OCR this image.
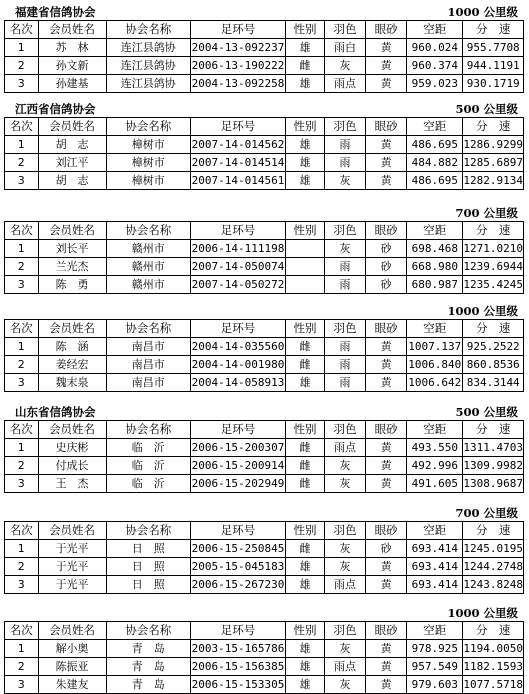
福建省信鸽协会	1000 公里级
名次	会员姓名	协会名称	足环号	性别	羽色	眼砂	空距	分　速
1	苏　林	连江县鸽协	2004-13-092237	雄	雨白	黄	960.024	955.7708
2	孙文新	连江县鸽协	2006-13-190222	雌	灰	黄	960.374	944.1191
3	孙建基	连江县鸽协	2004-13-092258	雄	雨点	黄	959.023	930.1719
江西省信鸽协会	500 公里级
名次	会员姓名	协会名称	足环号	性别	羽色	眼砂	空距	分　速
1	胡　志	樟树市	2007-14-014562	雄	雨	黄	486.695	1286.9299
2	刘江平	樟树市	2007-14-014514	雄	雨	黄	484.882	1285.6897
3	胡　志	樟树市	2007-14-014561	雄	灰	黄	486.695	1282.9134
700 公里级
名次	会员姓名	协会名称	足环号	性别	羽色	眼砂	空距	分　速
1	刘长平	赣州市	2006-14-111198		灰	砂	698.468	1271.0210
2	兰光杰	赣州市	2007-14-050074		雨	砂	668.980	1239.6944
3	陈　勇	赣州市	2007-14-050272		雨	砂	680.987	1235.4245
1000 公里级
名次	会员姓名	协会名称	足环号	性别	羽色	眼砂	空距	分　速
1	陈　涵	南昌市	2004-14-035560	雌	雨	黄	1007.137	925.2522
2	姜经宏	南昌市	2004-14-001980	雌	雨	黄	1006.840	860.8536
3	魏末泉	南昌市	2004-14-058913	雄	雨	黄	1006.642	834.3144
山东省信鸽协会	500 公里级
名次	会员姓名	协会名称	足环号	性别	羽色	眼砂	空距	分　速
1	史庆彬	临　沂	2006-15-200307	雌	雨点	黄	493.550	1311.4703
2	付成长	临　沂	2006-15-200914	雌	灰	黄	492.996	1309.9982
3	王　杰	临　沂	2006-15-202949	雌	灰	黄	491.605	1308.9687
700 公里级
名次	会员姓名	协会名称	足环号	性别	羽色	眼砂	空距	分　速
1	于光平	日　照	2006-15-250845	雌	灰	砂	693.414	1245.0195
2	于光平	日　照	2005-15-045183	雄	灰	黄	693.414	1244.2748
3	于光平	日　照	2006-15-267230	雄	雨点	黄	693.414	1243.8248
1000 公里级
名次	会员姓名	协会名称	足环号	性别	羽色	眼砂	空距	分　速
1	解小奥	青　岛	2003-15-165786	雄	灰	黄	978.925	1194.0050
2	陈振亚	青　岛	2006-15-156385	雄	雨点	黄	957.549	1182.1593
3	朱建友	青　岛	2006-15-153305	雄	灰	黄	979.603	1077.5718
